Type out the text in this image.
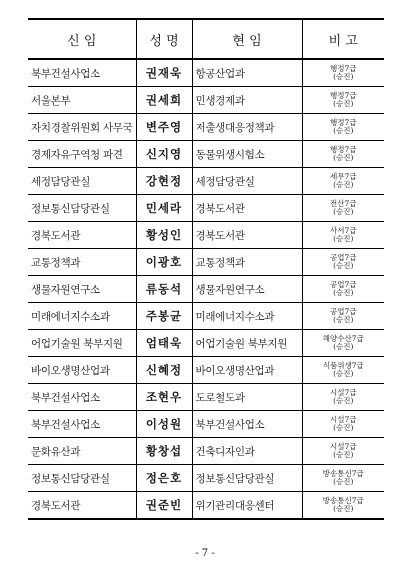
신 임	성 명	현 임	비 고
북부건설사업소	권재욱	항공산업과	행정7급
(승진)

서울본부	권세희	민생경제과	행정7급
(승진)

자치경찰위원회 사무국	변주영	저출생대응정책과	행정7급
(승진)

경제자유구역청 파견	신지영	동물위생시험소	행정7급
(승진)

세정담당관실	강현정	세정담당관실	세무7급
(승진)

정보통신담당관실	민세라	경북도서관	전산7급
(승진)

경북도서관	황성인	경북도서관	사서7급
(승진)

교통정책과	이광호	교통정책과	공업7급
(승진)

생물자원연구소	류동석	생물자원연구소	공업7급
(승진)

미래에너지수소과	주봉균	미래에너지수소과	공업7급
(승진)

어업기술원 북부지원	엄태욱	어업기술원 북부지원	해양수산7급
(승진)

바이오생명산업과	신혜정	바이오생명산업과	식품위생7급
(승진)

북부건설사업소	조현우	도로철도과	시설7급
(승진)

북부건설사업소	이성원	북부건설사업소	시설7급
(승진)

문화유산과	황창섭	건축디자인과	시설7급
(승진)

정보통신담당관실	정은호	정보통신담당관실	방송통신7급
(승진)

경북도서관	권준빈	위기관리대응센터	방송통신7급
(승진)
- 7 -
